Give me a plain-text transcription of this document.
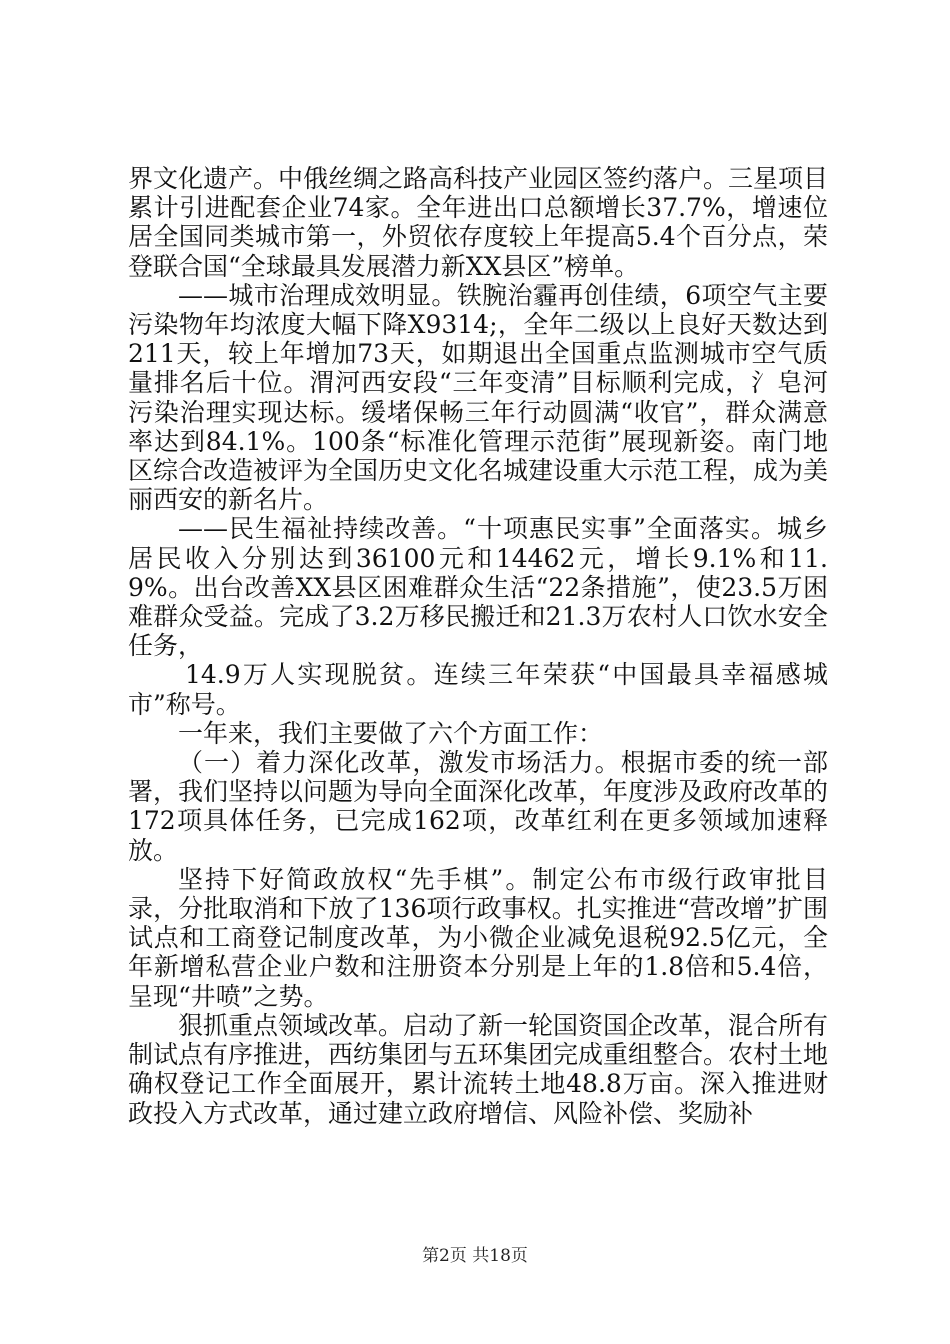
界文化遗产。中俄丝绸之路高科技产业园区签约落户。三星项目累计引进配套企业74家。全年进出口总额增长37.7%，增速位居全国同类城市第一，外贸依存度较上年提高5.4个百分点，荣登联合国“全球最具发展潜力新XX县区”榜单。

——城市治理成效明显。铁腕治霾再创佳绩，6项空气主要污染物年均浓度大幅下降X9314;，全年二级以上良好天数达到211天，较上年增加73天，如期退出全国重点监测城市空气质量排名后十位。渭河西安段“三年变清”目标顺利完成，氵皂河污染治理实现达标。缓堵保畅三年行动圆满“收官”，群众满意率达到84.1%。100条“标准化管理示范街”展现新姿。南门地区综合改造被评为全国历史文化名城建设重大示范工程，成为美丽西安的新名片。

——民生福祉持续改善。“十项惠民实事”全面落实。城乡居民收入分别达到36100元和14462元，增长9.1%和11.9%。出台改善XX县区困难群众生活“22条措施”，使23.5万困难群众受益。完成了3.2万移民搬迁和21.3万农村人口饮水安全任务，

14.9万人实现脱贫。连续三年荣获“中国最具幸福感城市”称号。

一年来，我们主要做了六个方面工作：

（一）着力深化改革，激发市场活力。根据市委的统一部署，我们坚持以问题为导向全面深化改革，年度涉及政府改革的172项具体任务，已完成162项，改革红利在更多领域加速释放。

坚持下好简政放权“先手棋”。制定公布市级行政审批目录，分批取消和下放了136项行政事权。扎实推进“营改增”扩围试点和工商登记制度改革，为小微企业减免退税92.5亿元，全年新增私营企业户数和注册资本分别是上年的1.8倍和5.4倍，呈现“井喷”之势。

狠抓重点领域改革。启动了新一轮国资国企改革，混合所有制试点有序推进，西纺集团与五环集团完成重组整合。农村土地确权登记工作全面展开，累计流转土地48.8万亩。深入推进财政投入方式改革，通过建立政府增信、风险补偿、奖励补

第2页 共18页
